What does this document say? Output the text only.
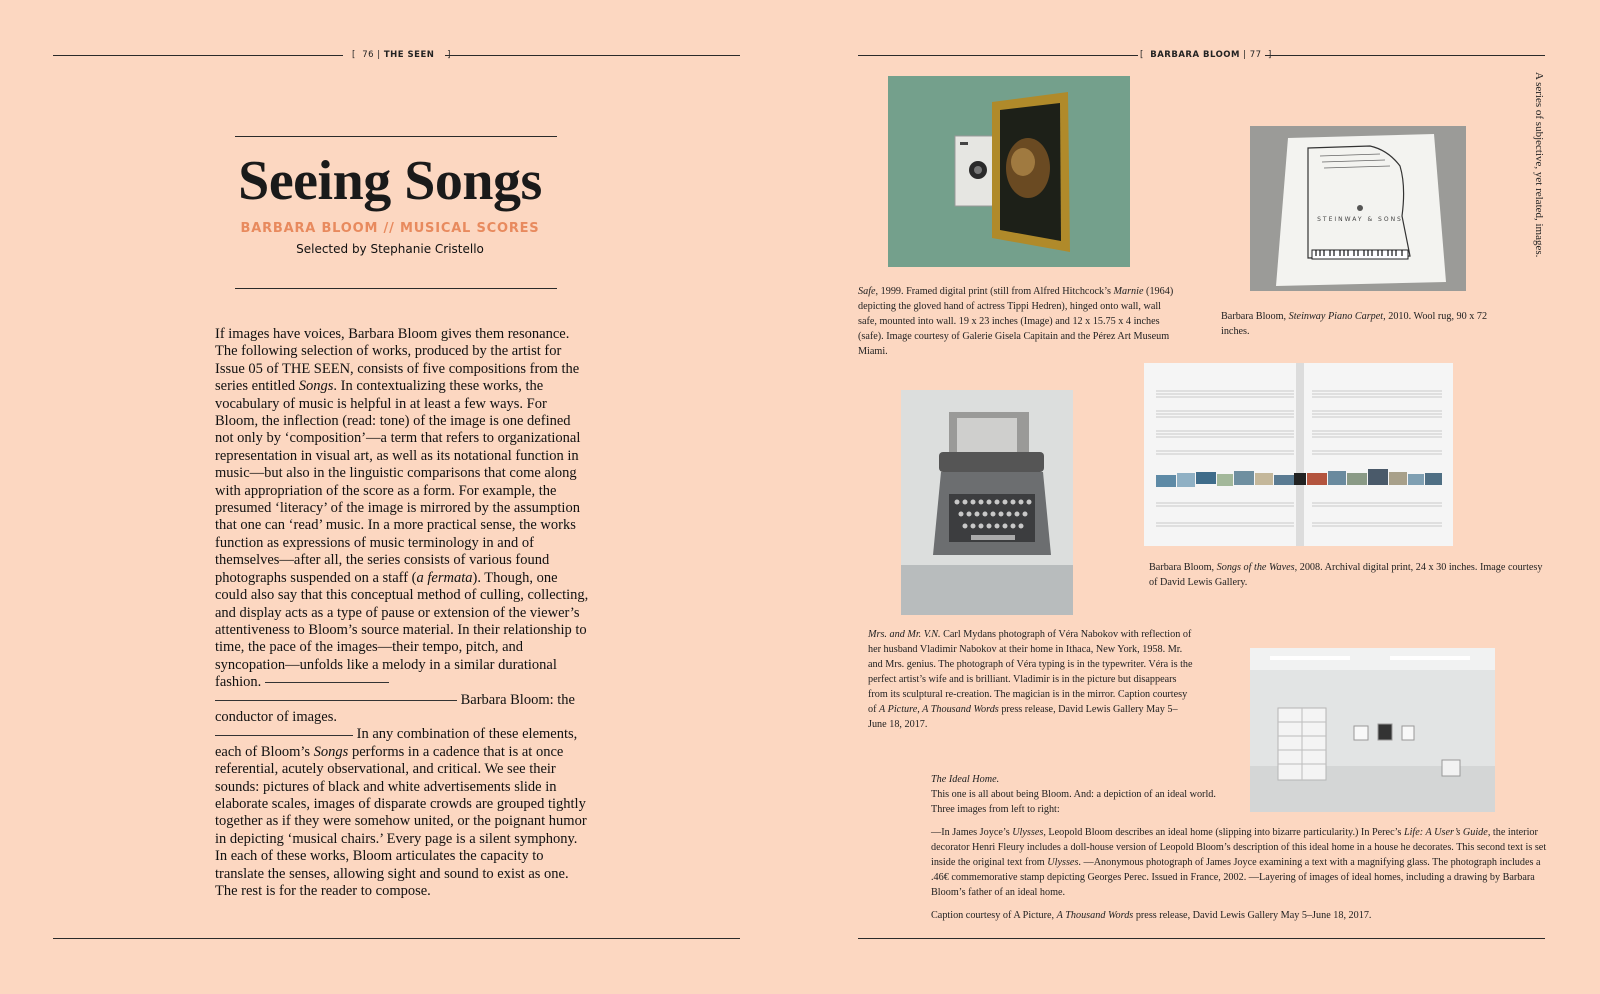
[  76 | THE SEEN    ]	[  BARBARA BLOOM | 77  ]
Seeing Songs
BARBARA BLOOM // MUSICAL SCORES
Selected by Stephanie Cristello

If images have voices, Barbara Bloom gives them resonance. The following selection of works, produced by the artist for Issue 05 of THE SEEN, consists of five compositions from the series entitled Songs. In contextualizing these works, the vocabulary of music is helpful in at least a few ways. For Bloom, the inflection (read: tone) of the image is one defined not only by ‘composition’—a term that refers to organizational representation in visual art, as well as its notational function in music—but also in the linguistic comparisons that come along with appropriation of the score as a form. For example, the presumed ‘literacy’ of the image is mirrored by the assumption that one can ‘read’ music. In a more practical sense, the works function as expressions of music terminology in and of themselves—after all, the series consists of various found photographs suspended on a staff (a fermata). Though, one could also say that this conceptual method of culling, collecting, and display acts as a type of pause or extension of the viewer’s attentiveness to Bloom’s source material. In their relationship to time, the pace of the images—their tempo, pitch, and syncopation—unfolds like a melody in a similar durational fashion.   Barbara Bloom: the conductor of images.
In any combination of these elements, each of Bloom’s Songs performs in a cadence that is at once referential, acutely observational, and critical. We see their sounds: pictures of black and white advertisements slide in elaborate scales, images of disparate crowds are grouped tightly together as if they were somehow united, or the poignant humor in depicting ‘musical chairs.’ Every page is a silent symphony. In each of these works, Bloom articulates the capacity to translate the senses, allowing sight and sound to exist as one. The rest is for the reader to compose.

STEINWAY & SONS
Safe, 1999. Framed digital print (still from Alfred Hitchcock’s Marnie (1964) depicting the gloved hand of actress Tippi Hedren), hinged onto wall, wall safe, mounted into wall. 19 x 23 inches (Image) and 12 x 15.75 x 4 inches (safe). Image courtesy of Galerie Gisela Capitain and the Pérez Art Museum Miami.
Barbara Bloom, Steinway Piano Carpet, 2010. Wool rug, 90 x 72 inches.
Barbara Bloom, Songs of the Waves, 2008. Archival digital print, 24 x 30 inches. Image courtesy of David Lewis Gallery.
Mrs. and Mr. V.N. Carl Mydans photograph of Véra Nabokov with reflection of her husband Vladimir Nabokov at their home in Ithaca, New York, 1958. Mr. and Mrs. genius. The photograph of Véra typing is in the typewriter. Véra is the perfect artist’s wife and is brilliant. Vladimir is in the picture but disappears from its sculptural re-creation. The magician is in the mirror. Caption courtesy of A Picture, A Thousand Words press release, David Lewis Gallery May 5–June 18, 2017.
The Ideal Home.
This one is all about being Bloom. And: a depiction of an ideal world. Three images from left to right:
—In James Joyce’s Ulysses, Leopold Bloom describes an ideal home (slipping into bizarre particularity.) In Perec’s Life: A User’s Guide, the interior decorator Henri Fleury includes a doll-house version of Leopold Bloom’s description of this ideal home in a house he decorates. This second text is set inside the original text from Ulysses. —Anonymous photograph of James Joyce examining a text with a magnifying glass. The photograph includes a .46€ commemorative stamp depicting Georges Perec. Issued in France, 2002. —Layering of images of ideal homes, including a drawing by Barbara Bloom’s father of an ideal home.
Caption courtesy of A Picture, A Thousand Words press release, David Lewis Gallery May 5–June 18, 2017.
A series of subjective, yet related, images.
